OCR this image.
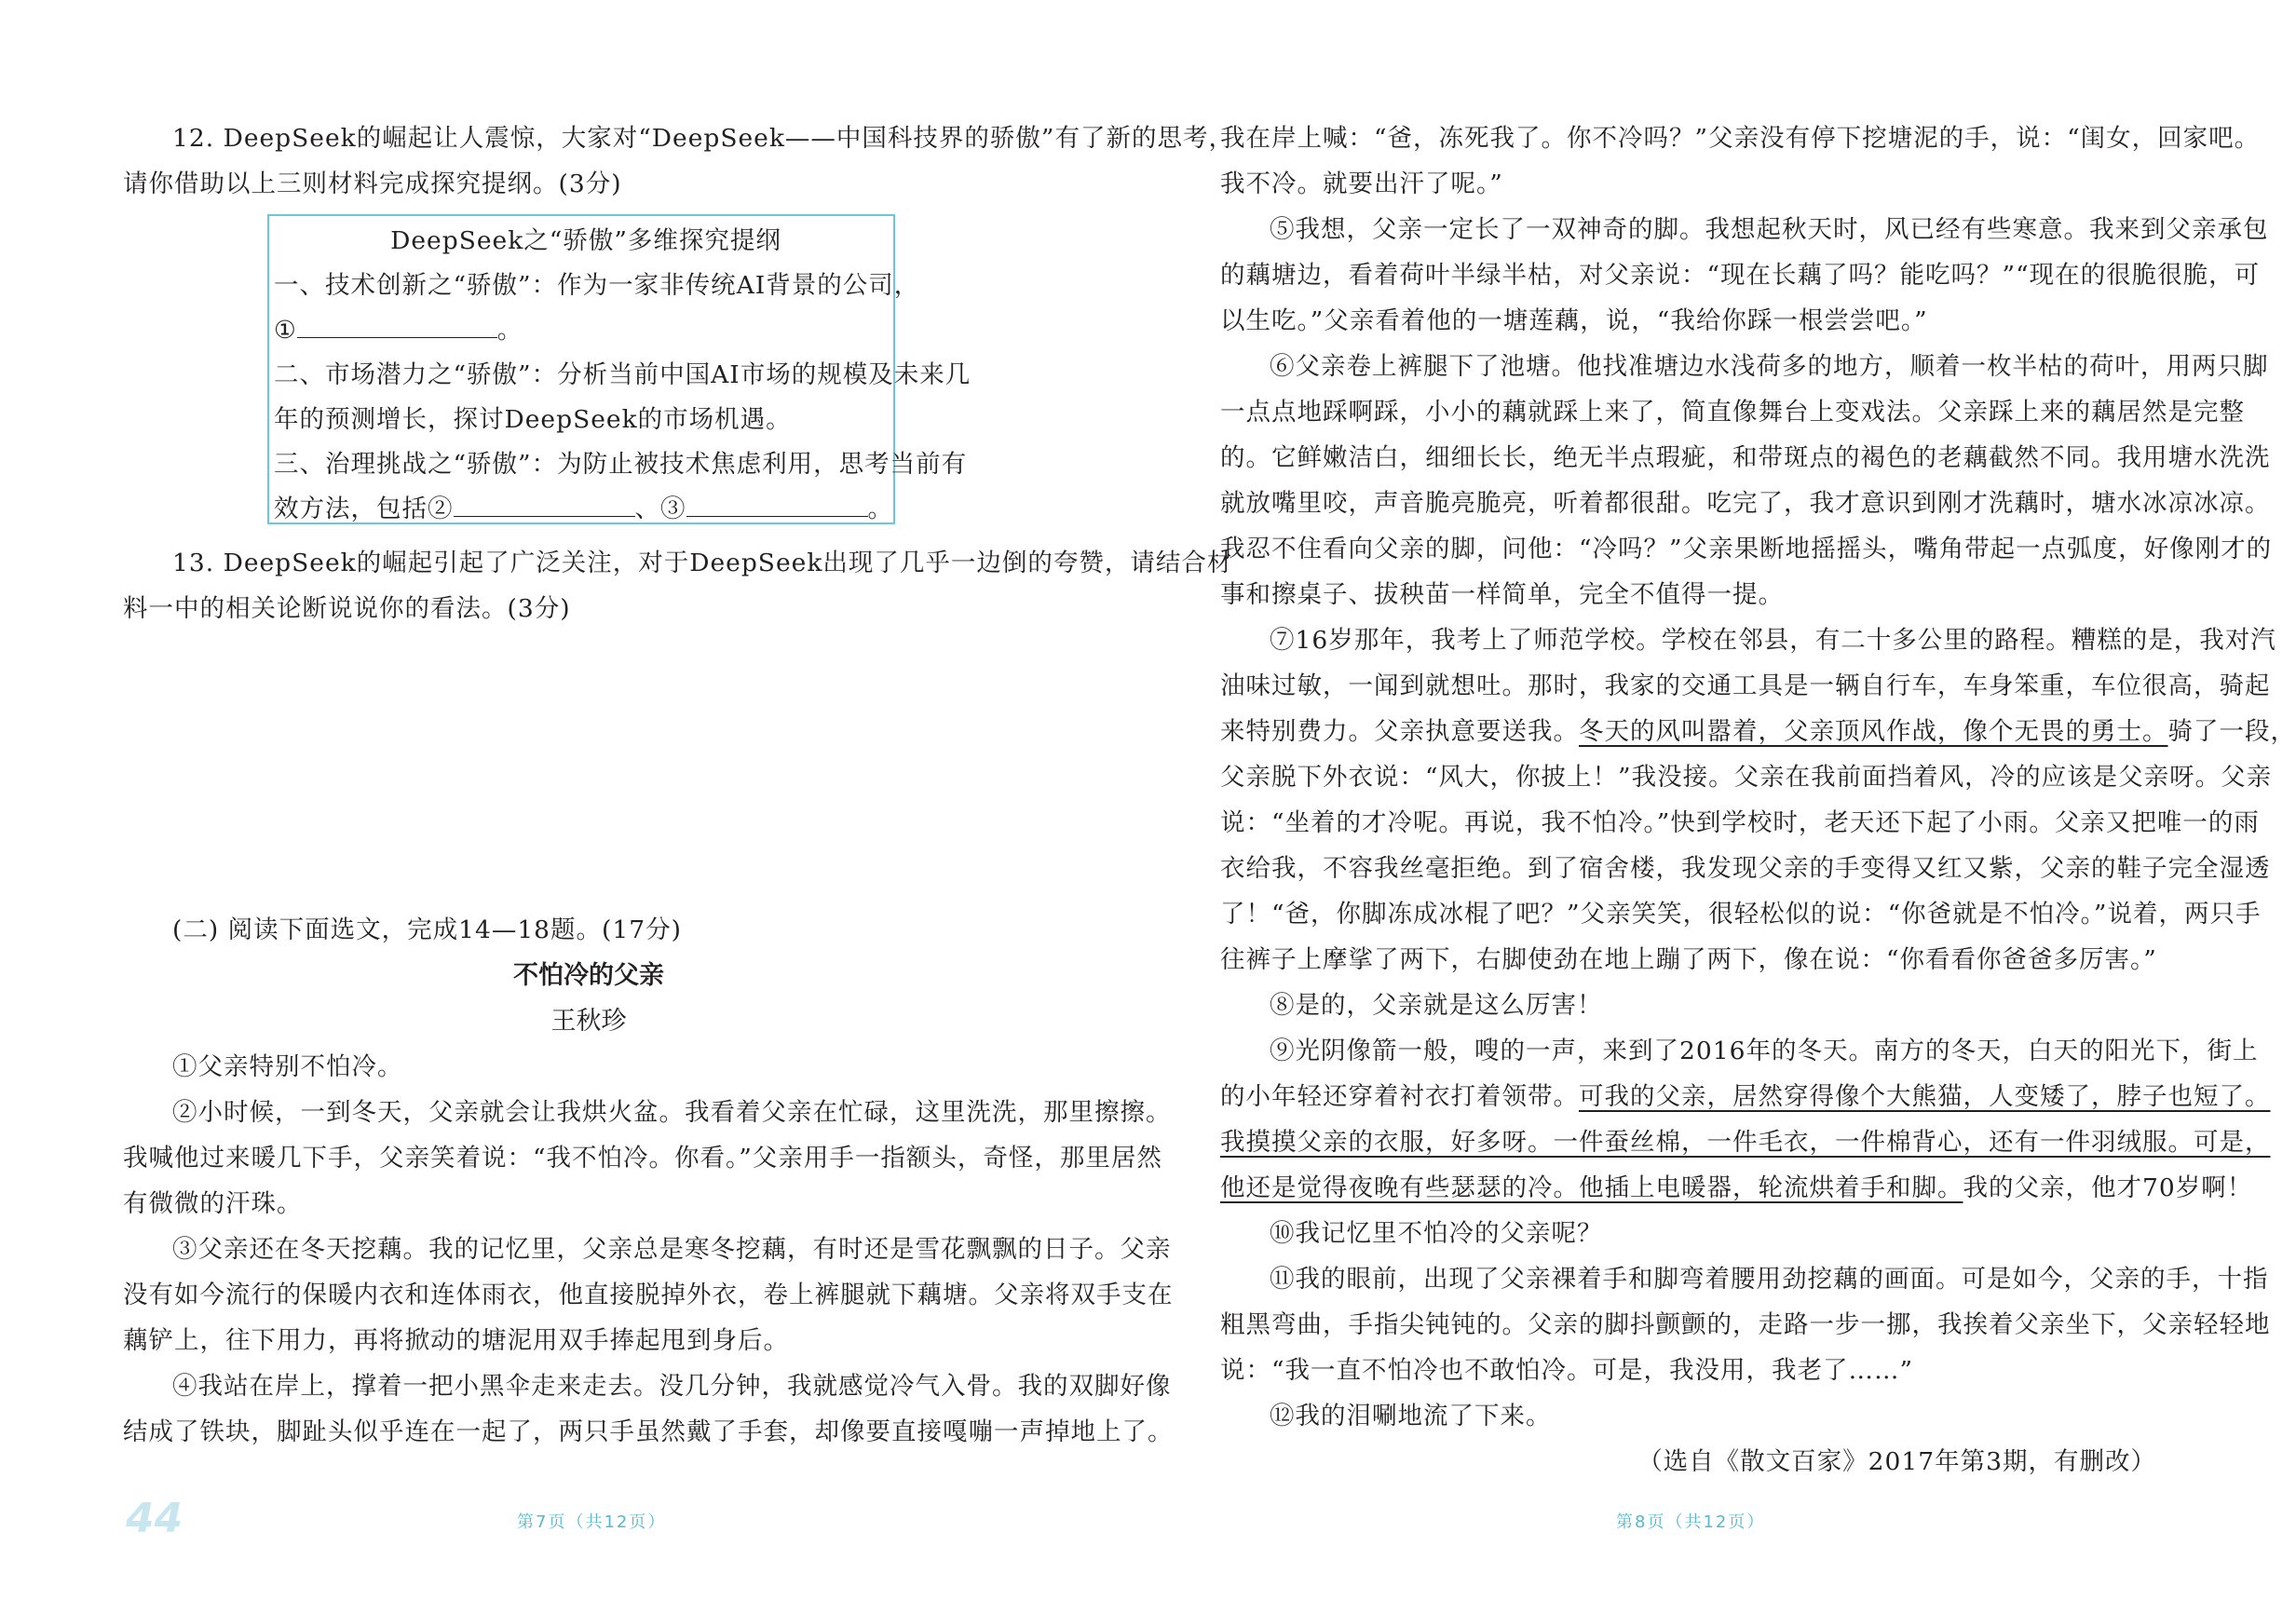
12. DeepSeek的崛起让人震惊，大家对“DeepSeek——中国科技界的骄傲”有了新的思考，

请你借助以上三则材料完成探究提纲。(3分)

DeepSeek之“骄傲”多维探究提纲
一、技术创新之“骄傲”：作为一家非传统AI背景的公司，
①	。
二、市场潜力之“骄傲”：分析当前中国AI市场的规模及未来几
年的预测增长，探讨DeepSeek的市场机遇。
三、治理挑战之“骄傲”：为防止被技术焦虑利用，思考当前有
效方法，包括②	、③	。

13. DeepSeek的崛起引起了广泛关注，对于DeepSeek出现了几乎一边倒的夸赞，请结合材

料一中的相关论断说说你的看法。(3分)

(二) 阅读下面选文，完成14—18题。(17分)

不怕冷的父亲
王秋珍

①父亲特别不怕冷。

②小时候，一到冬天，父亲就会让我烘火盆。我看着父亲在忙碌，这里洗洗，那里擦擦。

我喊他过来暖几下手，父亲笑着说：“我不怕冷。你看。”父亲用手一指额头，奇怪，那里居然

有微微的汗珠。

③父亲还在冬天挖藕。我的记忆里，父亲总是寒冬挖藕，有时还是雪花飘飘的日子。父亲

没有如今流行的保暖内衣和连体雨衣，他直接脱掉外衣，卷上裤腿就下藕塘。父亲将双手支在

藕铲上，往下用力，再将掀动的塘泥用双手捧起甩到身后。

④我站在岸上，撑着一把小黑伞走来走去。没几分钟，我就感觉冷气入骨。我的双脚好像

结成了铁块，脚趾头似乎连在一起了，两只手虽然戴了手套，却像要直接嘎嘣一声掉地上了。

44	第7页（共12页）

我在岸上喊：“爸，冻死我了。你不冷吗？”父亲没有停下挖塘泥的手，说：“闺女，回家吧。

我不冷。就要出汗了呢。”

⑤我想，父亲一定长了一双神奇的脚。我想起秋天时，风已经有些寒意。我来到父亲承包

的藕塘边，看着荷叶半绿半枯，对父亲说：“现在长藕了吗？能吃吗？”“现在的很脆很脆，可

以生吃。”父亲看着他的一塘莲藕，说，“我给你踩一根尝尝吧。”

⑥父亲卷上裤腿下了池塘。他找准塘边水浅荷多的地方，顺着一枚半枯的荷叶，用两只脚

一点点地踩啊踩，小小的藕就踩上来了，简直像舞台上变戏法。父亲踩上来的藕居然是完整

的。它鲜嫩洁白，细细长长，绝无半点瑕疵，和带斑点的褐色的老藕截然不同。我用塘水洗洗

就放嘴里咬，声音脆亮脆亮，听着都很甜。吃完了，我才意识到刚才洗藕时，塘水冰凉冰凉。

我忍不住看向父亲的脚，问他：“冷吗？”父亲果断地摇摇头，嘴角带起一点弧度，好像刚才的

事和擦桌子、拔秧苗一样简单，完全不值得一提。

⑦16岁那年，我考上了师范学校。学校在邻县，有二十多公里的路程。糟糕的是，我对汽

油味过敏，一闻到就想吐。那时，我家的交通工具是一辆自行车，车身笨重，车位很高，骑起

来特别费力。父亲执意要送我。冬天的风叫嚣着，父亲顶风作战，像个无畏的勇士。骑了一段，

父亲脱下外衣说：“风大，你披上！”我没接。父亲在我前面挡着风，冷的应该是父亲呀。父亲

说：“坐着的才冷呢。再说，我不怕冷。”快到学校时，老天还下起了小雨。父亲又把唯一的雨

衣给我，不容我丝毫拒绝。到了宿舍楼，我发现父亲的手变得又红又紫，父亲的鞋子完全湿透

了！“爸，你脚冻成冰棍了吧？”父亲笑笑，很轻松似的说：“你爸就是不怕冷。”说着，两只手

往裤子上摩挲了两下，右脚使劲在地上蹦了两下，像在说：“你看看你爸爸多厉害。”

⑧是的，父亲就是这么厉害！

⑨光阴像箭一般，嗖的一声，来到了2016年的冬天。南方的冬天，白天的阳光下，街上

的小年轻还穿着衬衣打着领带。可我的父亲，居然穿得像个大熊猫，人变矮了，脖子也短了。

我摸摸父亲的衣服，好多呀。一件蚕丝棉，一件毛衣，一件棉背心，还有一件羽绒服。可是，

他还是觉得夜晚有些瑟瑟的冷。他插上电暖器，轮流烘着手和脚。我的父亲，他才70岁啊！

⑩我记忆里不怕冷的父亲呢？

⑪我的眼前，出现了父亲裸着手和脚弯着腰用劲挖藕的画面。可是如今，父亲的手，十指

粗黑弯曲，手指尖钝钝的。父亲的脚抖颤颤的，走路一步一挪，我挨着父亲坐下，父亲轻轻地

说：“我一直不怕冷也不敢怕冷。可是，我没用，我老了……”

⑫我的泪唰地流了下来。

（选自《散文百家》2017年第3期，有删改）

第8页（共12页）
